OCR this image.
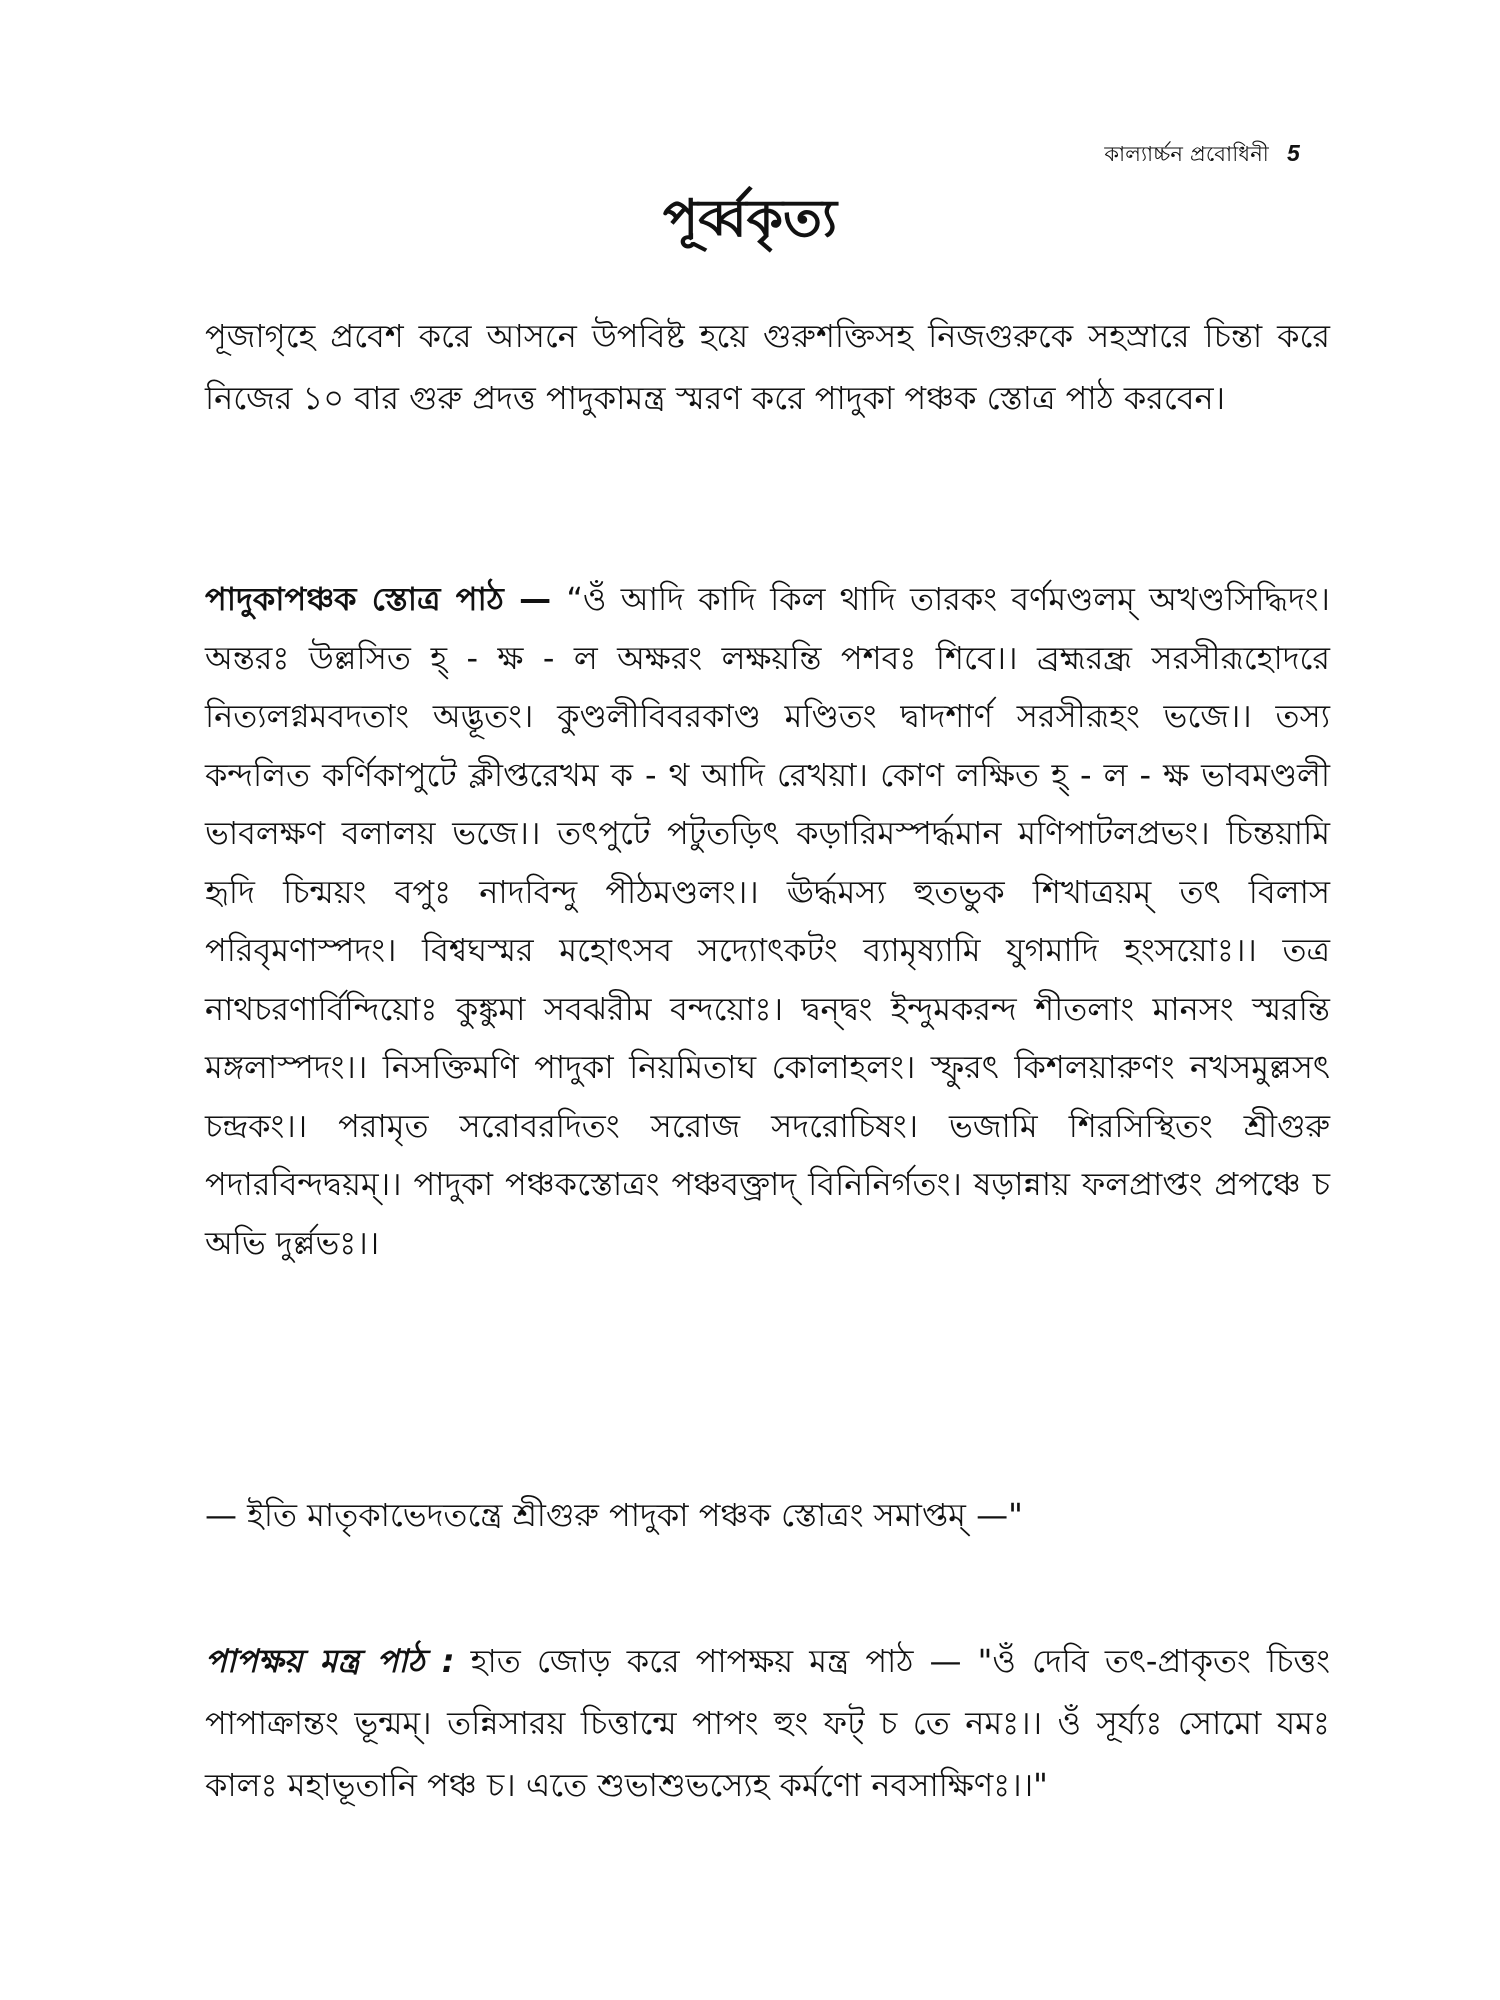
কাল্যার্চ্চন প্রবোধিনী 5
পূর্ব্বকৃত্য

পূজাগৃহে প্রবেশ করে আসনে উপবিষ্ট হয়ে গুরুশক্তিসহ নিজগুরুকে সহস্রারে চিন্তা করে নিজের ১০ বার গুরু প্রদত্ত পাদুকামন্ত্র স্মরণ করে পাদুকা পঞ্চক স্তোত্র পাঠ করবেন।

পাদুকাপঞ্চক স্তোত্র পাঠ — “ওঁ আদি কাদি কিল থাদি তারকং বর্ণমণ্ডলম্ অখণ্ডসিদ্ধিদং। অন্তরঃ উল্লসিত হ্ - ক্ষ - ল অক্ষরং লক্ষয়ন্তি পশবঃ শিবে।। ব্রহ্মরন্ধ্র সরসীরূহোদরে নিত্যলগ্নমবদতাং অদ্ভূতং। কুণ্ডলীবিবরকাণ্ড মণ্ডিতং দ্বাদশার্ণ সরসীরূহং ভজে।। তস্য কন্দলিত কর্ণিকাপুটে ক্লীপ্তরেখম ক - থ আদি রেখয়া। কোণ লক্ষিত হ্ - ল - ক্ষ ভাবমণ্ডলী ভাবলক্ষণ বলালয় ভজে।। তৎপুটে পটুতড়িৎ কড়ারিমস্পর্দ্ধমান মণিপাটলপ্রভং। চিন্তয়ামি হৃদি চিন্ময়ং বপুঃ নাদবিন্দু পীঠমণ্ডলং।। ঊর্দ্ধমস্য হুতভুক শিখাত্রয়ম্ তৎ বিলাস পরিবৃমণাস্পদং। বিশ্বঘস্মর মহোৎসব সদ্যোৎকটং ব্যামৃষ্যামি যুগমাদি হংসয়োঃ।। তত্র নাথচরণার্বিন্দিয়োঃ কুঙ্কুমা সবঝরীম বন্দয়োঃ। দ্বন্দ্বং ইন্দুমকরন্দ শীতলাং মানসং স্মরন্তি মঙ্গলাস্পদং।। নিসক্তিমণি পাদুকা নিয়মিতাঘ কোলাহলং। স্ফুরৎ কিশলয়ারুণং নখসমুল্লসৎ চন্দ্রকং।। পরামৃত সরোবরদিতং সরোজ সদরোচিষং। ভজামি শিরসিস্থিতং শ্রীগুরু পদারবিন্দদ্বয়ম্।। পাদুকা পঞ্চকস্তোত্রং পঞ্চবক্ত্রাদ্ বিনিনির্গতং। ষড়ান্নায় ফলপ্রাপ্তং প্রপঞ্চে চ অভি দুর্ল্লভঃ।।

— ইতি মাতৃকাভেদতন্ত্রে শ্রীগুরু পাদুকা পঞ্চক স্তোত্রং সমাপ্তম্ —"

পাপক্ষয় মন্ত্র পাঠ : হাত জোড় করে পাপক্ষয় মন্ত্র পাঠ — "ওঁ দেবি তৎ-প্রাকৃতং চিত্তং পাপাক্রান্তং ভূন্মম্। তন্নিসারয় চিত্তান্মে পাপং হুং ফট্ চ তে নমঃ।। ওঁ সূর্য্যঃ সোমো যমঃ কালঃ মহাভূতানি পঞ্চ চ। এতে শুভাশুভস্যেহ কর্মণো নবসাক্ষিণঃ।।"
